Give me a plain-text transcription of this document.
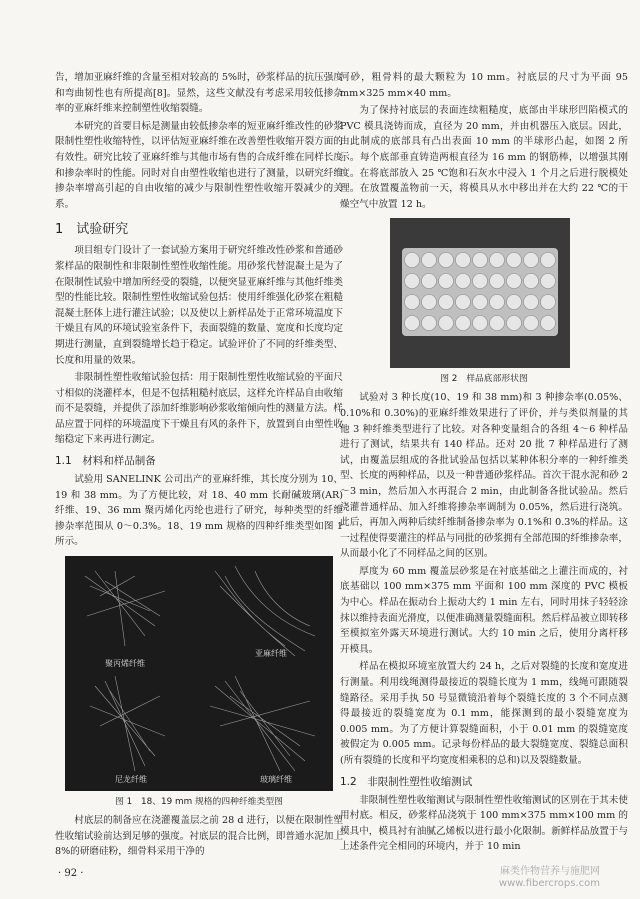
告，增加亚麻纤维的含量至相对较高的 5%时，砂浆样品的抗压强度和弯曲韧性也有所提高[8]。显然，这些文献没有考虑采用较低掺杂率的亚麻纤维来控制塑性收缩裂缝。

本研究的首要目标是测量由较低掺杂率的短亚麻纤维改性的砂浆限制性塑性收缩特性，以评估短亚麻纤维在改善塑性收缩开裂方面的有效性。研究比较了亚麻纤维与其他市场有售的合成纤维在同样长度和掺杂率时的性能。同时对自由塑性收缩也进行了测量，以研究纤维掺杂率增高引起的自由收缩的减少与限制性塑性收缩开裂减少的关系。

1　试验研究

项目组专门设计了一套试验方案用于研究纤维改性砂浆和普通砂浆样品的限制性和非限制性塑性收缩性能。用砂浆代替混凝土是为了在限制性试验中增加所经受的裂缝，以便突显亚麻纤维与其他纤维类型的性能比较。限制性塑性收缩试验包括：使用纤维强化砂浆在粗糙混凝土胚体上进行灌注试验；以及使以上新样品处于正常环境温度下干燥且有风的环境试验室条件下，表面裂缝的数量、宽度和长度均定期进行测量，直到裂缝增长趋于稳定。试验评价了不同的纤维类型、长度和用量的效果。

非限制性塑性收缩试验包括：用于限制性塑性收缩试验的平面尺寸相似的浇灌样本，但是不包括粗糙村底层，这样允许样品自由收缩而不是裂缝，并提供了添加纤维影响砂浆收缩倾向性的测量方法。样品应置于同样的环境温度下干燥且有风的条件下，放置到自由塑性收缩稳定下来再进行测定。

1.1　材料和样品制备

试验用 SANELINK 公司出产的亚麻纤维，其长度分别为 10、19 和 38 mm。为了方便比较，对 18、40 mm 长耐碱玻璃(AR) 纤维、19、36 mm 聚丙烯化丙纶也进行了研究，每种类型的纤维掺杂率范围从 0～0.3%。18、19 mm 规格的四种纤维类型如图 1 所示。

聚丙烯纤维
亚麻纤维
尼龙纤维	玻璃纤维
图 1　18、19 mm 规格的四种纤维类型图

村底层的制备应在浇灌覆盖层之前 28 d 进行，以便在限制性塑性收缩试验前达到足够的强度。衬底层的混合比例，即普通水泥加上 8%的研磨硅粉，细骨料采用干净的

河砂，粗骨料的最大颗粒为 10 mm。衬底层的尺寸为平面 95 mm×325 mm×40 mm。

为了保持衬底层的表面连续粗糙度，底部由半球形凹陷模式的 PVC 模具浇铸而成，直径为 20 mm，并由机器压入底层。因此，由此制成的底部具有凸出表面 10 mm 的半球形凸起，如图 2 所示。每个底部垂直铸造两根直径为 16 mm 的钢筋棒，以增强其刚度。在将底部放入 25 ℃饱和石灰水中浸入 1 个月之后进行脱模处理。在放置覆盖物前一天，将模具从水中移出并在大约 22 ℃的干燥空气中放置 12 h。

图 2　样品底部形状图

试验对 3 种长度(10、19 和 38 mm)和 3 种掺杂率(0.05%、0.10%和 0.30%)的亚麻纤维效果进行了评价，并与类似剂量的其他 3 种纤维类型进行了比较。对各种变量组合的各组 4～6 种样品进行了测试，结果共有 140 样品。还对 20 批 7 种样品进行了测试，由覆盖层组成的各批试验品包括以某种体积分率的一种纤维类型、长度的两种样品，以及一种普通砂浆样品。首次干混水泥和砂 2～3 min，然后加入水再混合 2 min，由此制备各批试验品。然后浇灌普通样品、加入纤维将掺杂率调制为 0.05%，然后进行浇筑。此后，再加入两种后续纤维制备掺杂率为 0.1%和 0.3%的样品。这一过程使得要灌注的样品与同批的砂浆拥有全部范围的纤维掺杂率，从而最小化了不同样品之间的区别。

厚度为 60 mm 覆盖层砂浆是在衬底基础之上灌注而成的，衬底基础以 100 mm×375 mm 平面和 100 mm 深度的 PVC 模板为中心。样品在振动台上振动大约 1 min 左右，同时用抹子轻轻涂抹以维持表面光滑度，以便准确测量裂缝面积。然后样品被立即转移至模拟室外露天环境进行测试。大约 10 min 之后，使用分离杆移开模具。

样品在模拟环境室放置大约 24 h，之后对裂缝的长度和宽度进行测量。利用线绳测得最接近的裂缝长度为 1 mm，线绳可跟随裂缝路径。采用手执 50 号显微镜沿着每个裂缝长度的 3 个不同点测得最接近的裂缝宽度为 0.1 mm，能探测到的最小裂缝宽度为 0.005 mm。为了方便计算裂缝面积，小于 0.01 mm 的裂缝宽度被假定为 0.005 mm。记录每份样品的最大裂缝宽度、裂缝总面积(所有裂缝的长度和平均宽度相乘积的总和)以及裂缝数量。

1.2　非限制性塑性收缩测试

非限制性塑性收缩测试与限制性塑性收缩测试的区别在于其未使用村底。相反，砂浆样品浇筑于 100 mm×375 mm×100 mm 的模具中，模具衬有油腻乙烯板以进行最小化限制。新鲜样品放置于与上述条件完全相同的环境内，并于 10 min

· 92 ·	麻类作物营养与施肥网
www.fibercrops.com
